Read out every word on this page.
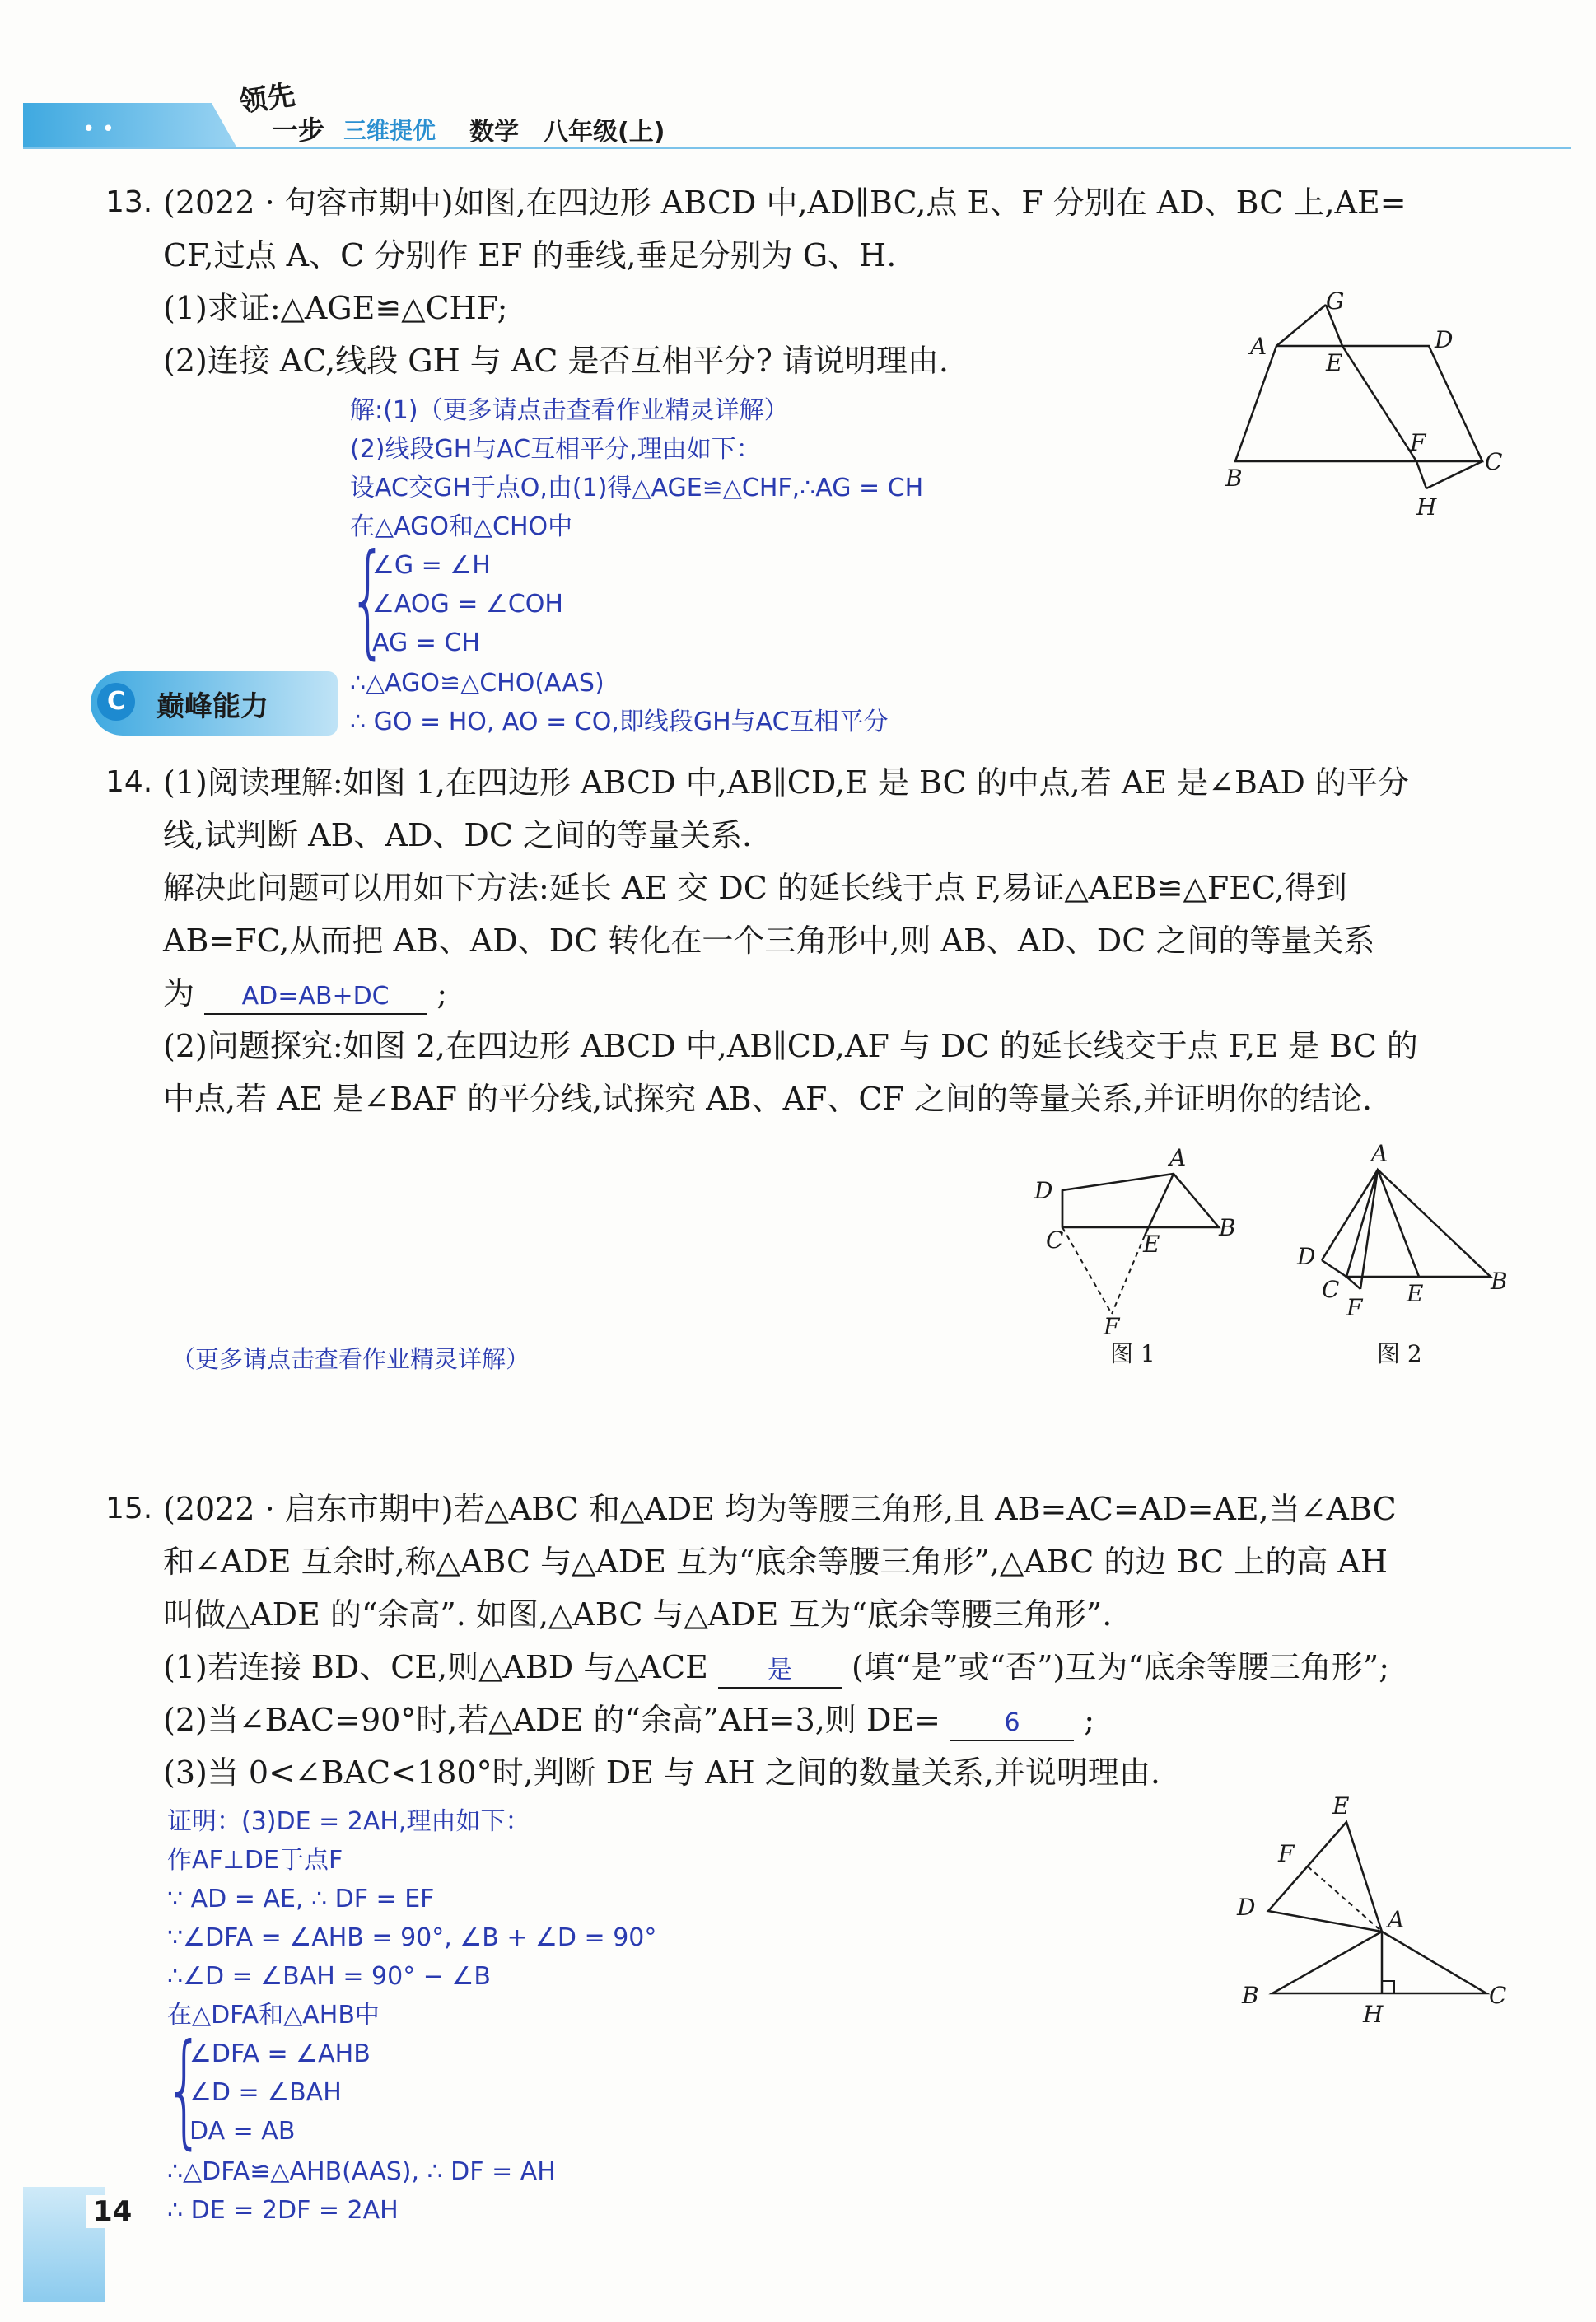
• •
领先
一步 三维提优 数学 八年级(上)
13. (2022 · 句容市期中)如图,在四边形 ABCD 中,AD∥BC,点 E、F 分别在 AD、BC 上,AE=
CF,过点 A、C 分别作 EF 的垂线,垂足分别为 G、H.
(1)求证:△AGE≌△CHF;
(2)连接 AC,线段 GH 与 AC 是否互相平分? 请说明理由.
解:(1)（更多请点击查看作业精灵详解）
(2)线段GH与AC互相平分,理由如下：
设AC交GH于点O,由(1)得△AGE≌△CHF,∴AG = CH
在△AGO和△CHO中
{
∠G = ∠H
∠AOG = ∠COH
AG = CH
∴△AGO≌△CHO(AAS)
∴ GO = HO, AO = CO,即线段GH与AC互相平分
G
A
E
D
F
C
B
H
C	巅峰能力
14. (1)阅读理解:如图 1,在四边形 ABCD 中,AB∥CD,E 是 BC 的中点,若 AE 是∠BAD 的平分
线,试判断 AB、AD、DC 之间的等量关系.
解决此问题可以用如下方法:延长 AE 交 DC 的延长线于点 F,易证△AEB≌△FEC,得到
AB=FC,从而把 AB、AD、DC 转化在一个三角形中,则 AB、AD、DC 之间的等量关系
为 AD=AB+DC ;
(2)问题探究:如图 2,在四边形 ABCD 中,AB∥CD,AF 与 DC 的延长线交于点 F,E 是 BC 的
中点,若 AE 是∠BAF 的平分线,试探究 AB、AF、CF 之间的等量关系,并证明你的结论.
A
D
C	E
B
F
图 1
A
D
C
F
E	B
图 2
（更多请点击查看作业精灵详解）
15. (2022 · 启东市期中)若△ABC 和△ADE 均为等腰三角形,且 AB=AC=AD=AE,当∠ABC
和∠ADE 互余时,称△ABC 与△ADE 互为“底余等腰三角形”,△ABC 的边 BC 上的高 AH
叫做△ADE 的“余高”. 如图,△ABC 与△ADE 互为“底余等腰三角形”.
(1)若连接 BD、CE,则△ABD 与△ACE 是 (填“是”或“否”)互为“底余等腰三角形”;
(2)当∠BAC=90°时,若△ADE 的“余高”AH=3,则 DE=	6 ;
(3)当 0<∠BAC<180°时,判断 DE 与 AH 之间的数量关系,并说明理由.
证明：(3)DE = 2AH,理由如下：
作AF⊥DE于点F
∵ AD = AE, ∴ DF = EF
∵∠DFA = ∠AHB = 90°, ∠B + ∠D = 90°
∴∠D = ∠BAH = 90° − ∠B
在△DFA和△AHB中
{
∠DFA = ∠AHB
∠D = ∠BAH
DA = AB
∴△DFA≌△AHB(AAS), ∴ DF = AH
∴ DE = 2DF = 2AH
E
F
D	A
B
H
C
14
